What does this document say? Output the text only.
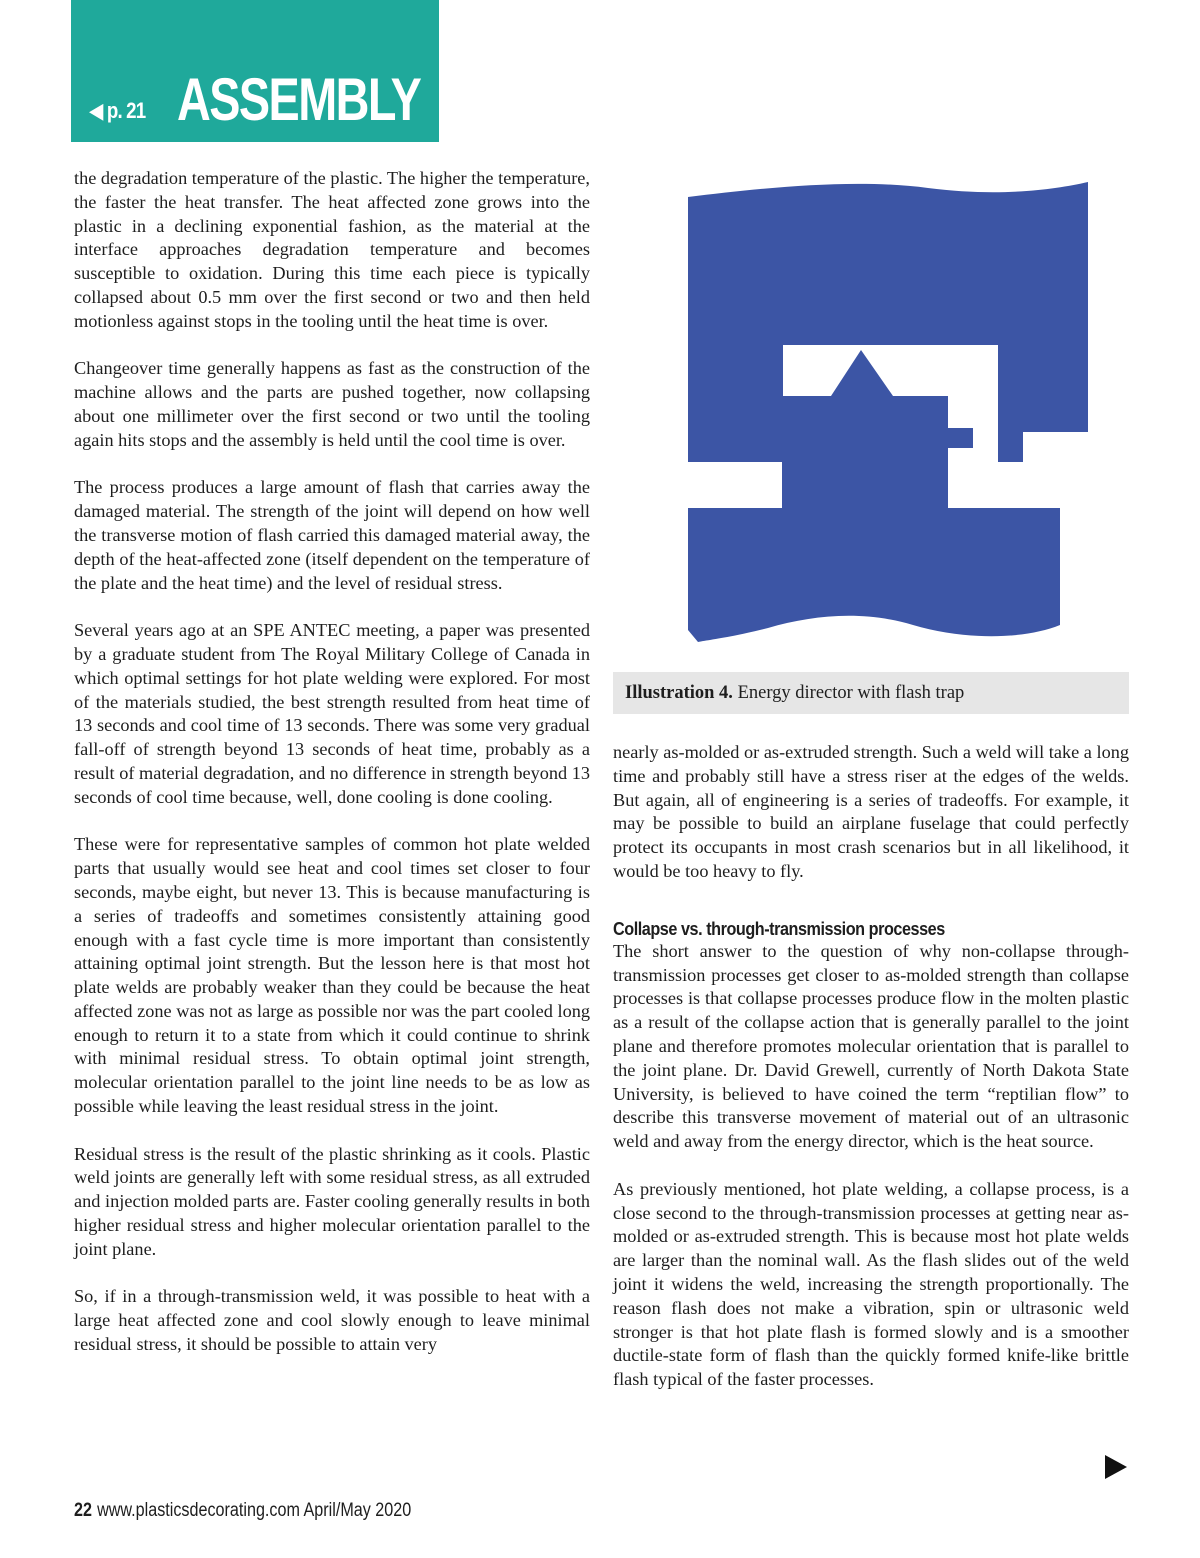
◀ p. 21 ASSEMBLY

the degradation temperature of the plastic. The higher the temperature, the faster the heat transfer. The heat affected zone grows into the plastic in a declining exponential fashion, as the material at the interface approaches degradation temperature and becomes susceptible to oxidation. During this time each piece is typically collapsed about 0.5 mm over the first second or two and then held motionless against stops in the tooling until the heat time is over.

Changeover time generally happens as fast as the construction of the machine allows and the parts are pushed together, now collapsing about one millimeter over the first second or two until the tooling again hits stops and the assembly is held until the cool time is over.

The process produces a large amount of flash that carries away the damaged material. The strength of the joint will depend on how well the transverse motion of flash carried this damaged material away, the depth of the heat-affected zone (itself dependent on the temperature of the plate and the heat time) and the level of residual stress.

Several years ago at an SPE ANTEC meeting, a paper was presented by a graduate student from The Royal Military College of Canada in which optimal settings for hot plate welding were explored. For most of the materials studied, the best strength resulted from heat time of 13 seconds and cool time of 13 seconds. There was some very gradual fall-off of strength beyond 13 seconds of heat time, probably as a result of material degradation, and no difference in strength beyond 13 seconds of cool time because, well, done cooling is done cooling.

These were for representative samples of common hot plate welded parts that usually would see heat and cool times set closer to four seconds, maybe eight, but never 13. This is because manufacturing is a series of tradeoffs and sometimes consistently attaining good enough with a fast cycle time is more important than consistently attaining optimal joint strength. But the lesson here is that most hot plate welds are probably weaker than they could be because the heat affected zone was not as large as possible nor was the part cooled long enough to return it to a state from which it could continue to shrink with minimal residual stress. To obtain optimal joint strength, molecular orientation parallel to the joint line needs to be as low as possible while leaving the least residual stress in the joint.

Residual stress is the result of the plastic shrinking as it cools. Plastic weld joints are generally left with some residual stress, as all extruded and injection molded parts are. Faster cooling generally results in both higher residual stress and higher molecular orientation parallel to the joint plane.

So, if in a through-transmission weld, it was possible to heat with a large heat affected zone and cool slowly enough to leave minimal residual stress, it should be possible to attain very

Illustration 4. Energy director with flash trap

nearly as-molded or as-extruded strength. Such a weld will take a long time and probably still have a stress riser at the edges of the welds. But again, all of engineering is a series of tradeoffs. For example, it may be possible to build an airplane fuselage that could perfectly protect its occupants in most crash scenarios but in all likelihood, it would be too heavy to fly.

Collapse vs. through-transmission processes

The short answer to the question of why non-collapse through-transmission processes get closer to as-molded strength than collapse processes is that collapse processes produce flow in the molten plastic as a result of the collapse action that is generally parallel to the joint plane and therefore promotes molecular orientation that is parallel to the joint plane. Dr. David Grewell, currently of North Dakota State University, is believed to have coined the term “reptilian flow” to describe this transverse movement of material out of an ultrasonic weld and away from the energy director, which is the heat source.

As previously mentioned, hot plate welding, a collapse process, is a close second to the through-transmission processes at getting near as-molded or as-extruded strength. This is because most hot plate welds are larger than the nominal wall. As the flash slides out of the weld joint it widens the weld, increasing the strength proportionally. The reason flash does not make a vibration, spin or ultrasonic weld stronger is that hot plate flash is formed slowly and is a smoother ductile-state form of flash than the quickly formed knife-like brittle flash typical of the faster processes.

22 www.plasticsdecorating.com April/May 2020
